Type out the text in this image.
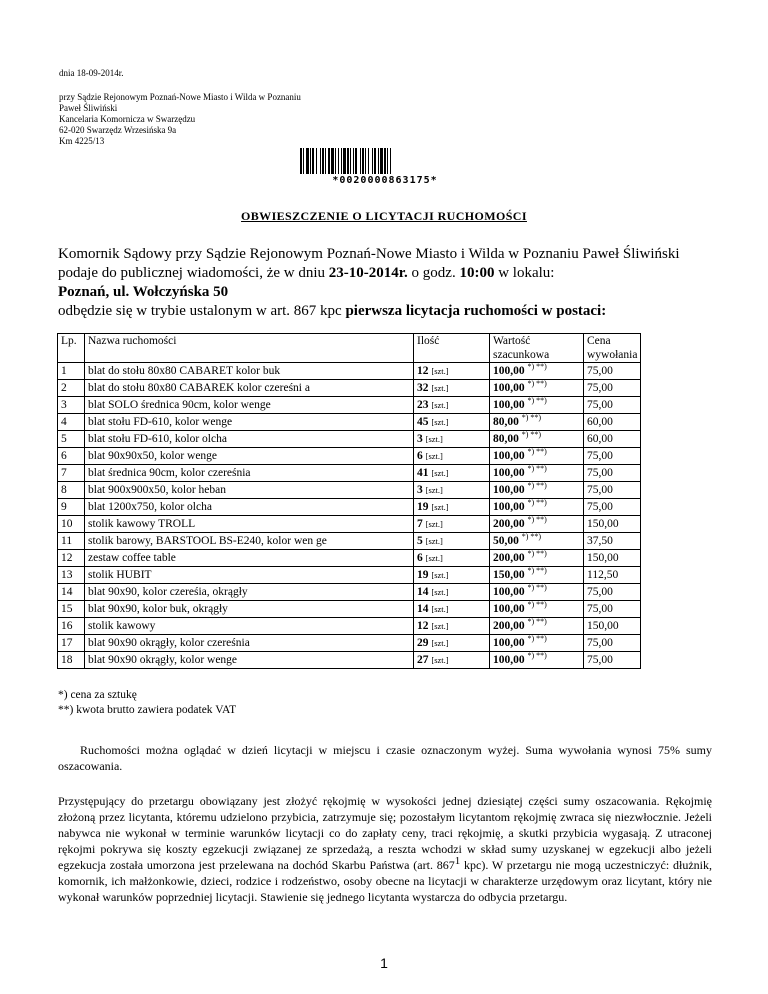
dnia 18-09-2014r.
przy Sądzie Rejonowym Poznań-Nowe Miasto i Wilda w Poznaniu
Paweł Śliwiński
Kancelaria Komornicza w Swarzędzu
62-020 Swarzędz Wrzesińska 9a
Km 4225/13
*0020000863175*
OBWIESZCZENIE O LICYTACJI RUCHOMOŚCI
Komornik Sądowy przy Sądzie Rejonowym Poznań-Nowe Miasto i Wilda w Poznaniu Paweł Śliwiński
podaje do publicznej wiadomości, że w dniu 23-10-2014r. o godz. 10:00 w lokalu:
Poznań, ul. Wołczyńska 50
odbędzie się w trybie ustalonym w art. 867 kpc pierwsza licytacja ruchomości w postaci:
Lp.	Nazwa ruchomości	Ilość	Wartość szacunkowa	Cena wywołania
1	blat do stołu 80x80 CABARET kolor buk	12 [szt.]	100,00 *) **)	75,00
2	blat do stołu 80x80 CABAREK kolor czereśni a	32 [szt.]	100,00 *) **)	75,00
3	blat SOLO średnica 90cm, kolor wenge	23 [szt.]	100,00 *) **)	75,00
4	blat stołu FD-610, kolor wenge	45 [szt.]	80,00 *) **)	60,00
5	blat stołu FD-610, kolor olcha	3 [szt.]	80,00 *) **)	60,00
6	blat 90x90x50, kolor wenge	6 [szt.]	100,00 *) **)	75,00
7	blat średnica 90cm, kolor czereśnia	41 [szt.]	100,00 *) **)	75,00
8	blat 900x900x50, kolor heban	3 [szt.]	100,00 *) **)	75,00
9	blat 1200x750, kolor olcha	19 [szt.]	100,00 *) **)	75,00
10	stolik kawowy TROLL	7 [szt.]	200,00 *) **)	150,00
11	stolik barowy, BARSTOOL BS-E240, kolor wen ge	5 [szt.]	50,00 *) **)	37,50
12	zestaw coffee table	6 [szt.]	200,00 *) **)	150,00
13	stolik HUBIT	19 [szt.]	150,00 *) **)	112,50
14	blat 90x90, kolor czereśia, okrągły	14 [szt.]	100,00 *) **)	75,00
15	blat 90x90, kolor buk, okrągły	14 [szt.]	100,00 *) **)	75,00
16	stolik kawowy	12 [szt.]	200,00 *) **)	150,00
17	blat 90x90 okrągły, kolor czereśnia	29 [szt.]	100,00 *) **)	75,00
18	blat 90x90 okrągły, kolor wenge	27 [szt.]	100,00 *) **)	75,00
*) cena za sztukę
**) kwota brutto zawiera podatek VAT
Ruchomości można oglądać w dzień licytacji w miejscu i czasie oznaczonym wyżej. Suma wywołania wynosi 75% sumy oszacowania.
Przystępujący do przetargu obowiązany jest złożyć rękojmię w wysokości jednej dziesiątej części sumy oszacowania. Rękojmię złożoną przez licytanta, któremu udzielono przybicia, zatrzymuje się; pozostałym licytantom rękojmię zwraca się niezwłocznie. Jeżeli nabywca nie wykonał w terminie warunków licytacji co do zapłaty ceny, traci rękojmię, a skutki przybicia wygasają. Z utraconej rękojmi pokrywa się koszty egzekucji związanej ze sprzedażą, a reszta wchodzi w skład sumy uzyskanej w egzekucji albo jeżeli egzekucja została umorzona jest przelewana na dochód Skarbu Państwa (art. $867^1$ kpc). W przetargu nie mogą uczestniczyć: dłużnik, komornik, ich małżonkowie, dzieci, rodzice i rodzeństwo, osoby obecne na licytacji w charakterze urzędowym oraz licytant, który nie wykonał warunków poprzedniej licytacji. Stawienie się jednego licytanta wystarcza do odbycia przetargu.
1
